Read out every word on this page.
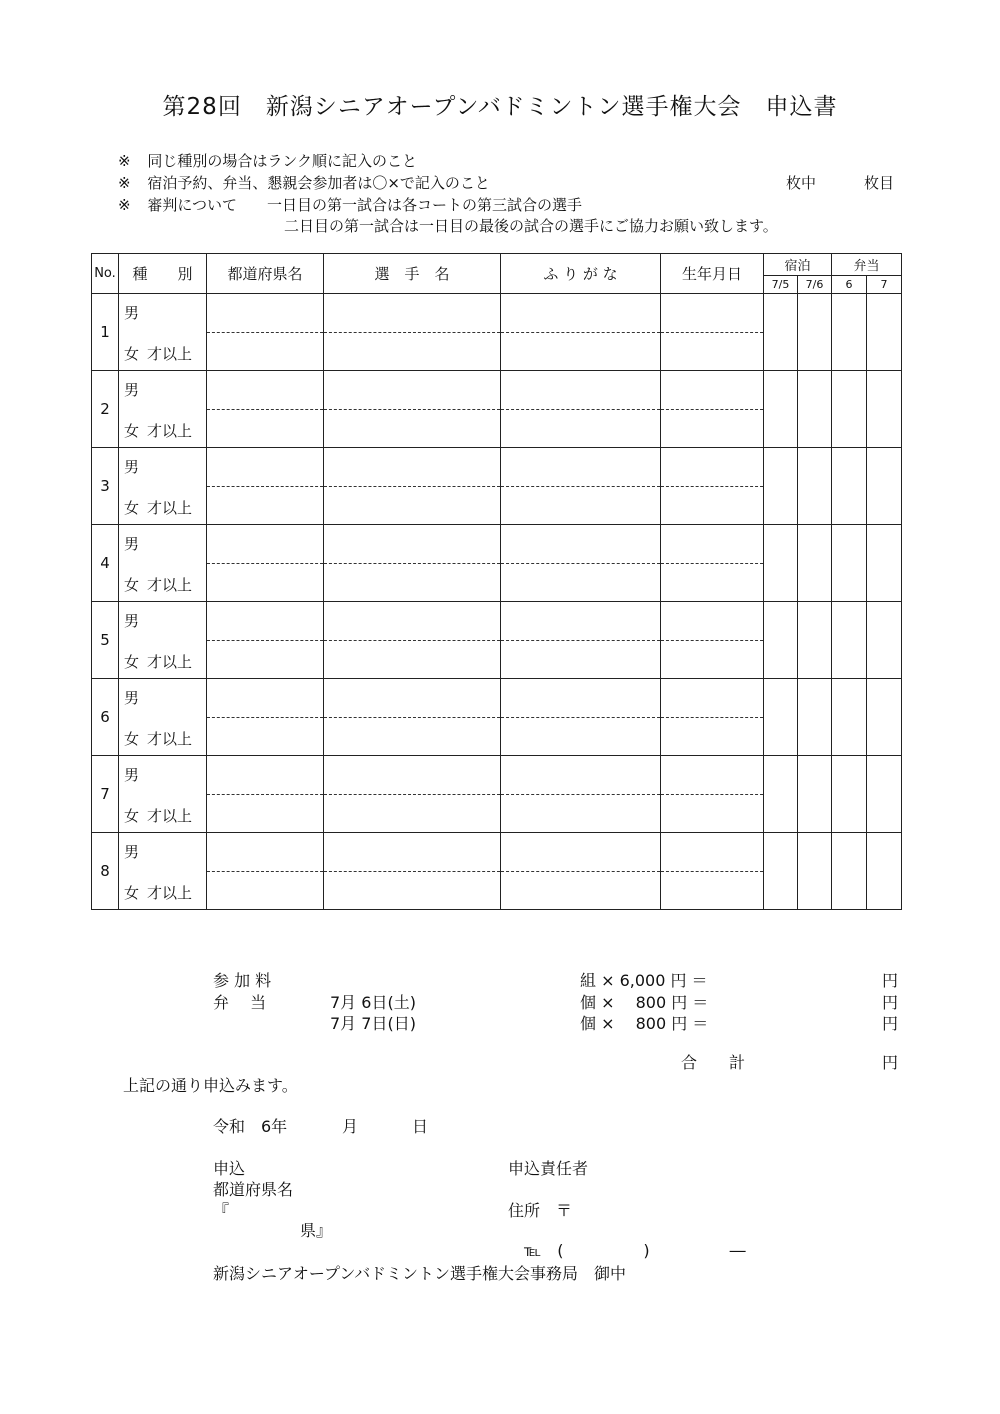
第28回　新潟シニアオープンバドミントン選手権大会　申込書
※ 同じ種別の場合はランク順に記入のこと
※ 宿泊予約、弁当、懇親会参加者は〇×で記入のこと
※ 審判について　　一日目の第一試合は各コートの第三試合の選手
二日目の第一試合は一日目の最後の試合の選手にご協力お願い致します。
枚中	枚目
No.	種　　別	都道府県名	選　手　名	ふ り が な	生年月日	宿泊		弁当	
						7/5	7/6	6	7
1	男
女 才以上								

2	男
女 才以上								

3	男
女 才以上								

4	男
女 才以上								

5	男
女 才以上								

6	男
女 才以上								

7	男
女 才以上								

8	男
女 才以上								

参 加 料	組 × 6,000 円 ＝	円
弁　 当	7月 6日(土)	個 ×　 800 円 ＝	円
7月 7日(日)	個 ×　 800 円 ＝	円
合　　計	円
上記の通り申込みます。
令和　6年	月	日
申込
都道府県名
『
県』
申込責任者
住所　〒
℡　(　　　　　)　　　　　―
新潟シニアオープンバドミントン選手権大会事務局　御中
